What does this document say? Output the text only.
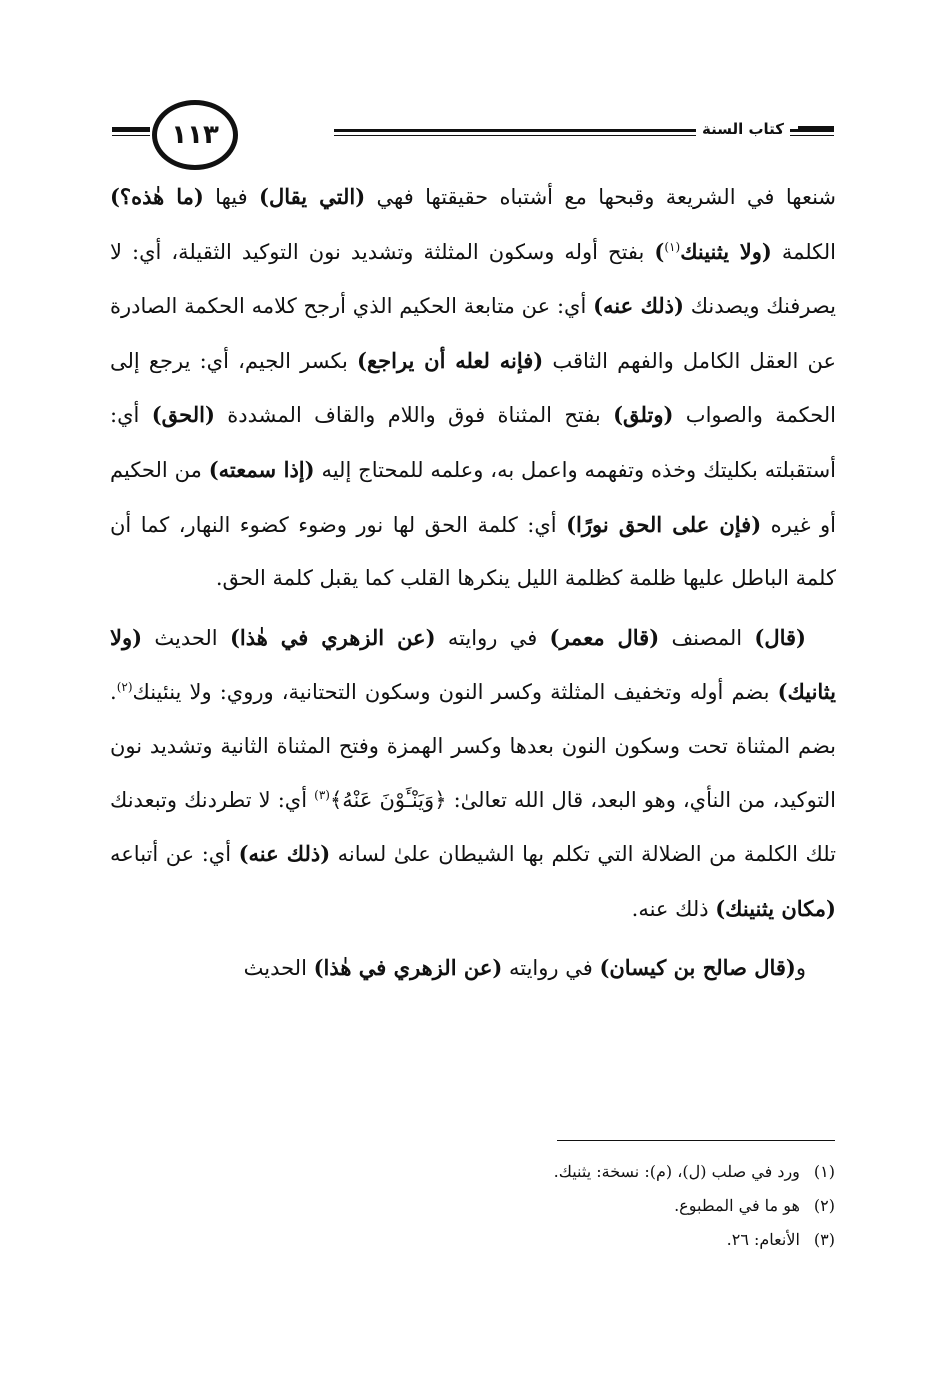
كتاب السنة
١١٣

شنعها في الشريعة وقبحها مع أشتباه حقيقتها فهي (التي يقال) فيها (ما هٰذه؟) الكلمة (ولا يثنينك$^{(١)}$) بفتح أوله وسكون المثلثة وتشديد نون التوكيد الثقيلة، أي: لا يصرفنك ويصدنك (ذلك عنه) أي: عن متابعة الحكيم الذي أرجح كلامه الحكمة الصادرة عن العقل الكامل والفهم الثاقب (فإنه لعله أن يراجع) بكسر الجيم، أي: يرجع إلى الحكمة والصواب (وتلق) بفتح المثناة فوق واللام والقاف المشددة (الحق) أي: أستقبلته بكليتك وخذه وتفهمه واعمل به، وعلمه للمحتاج إليه (إذا سمعته) من الحكيم أو غيره (فإن على الحق نورًا) أي: كلمة الحق لها نور وضوء كضوء النهار، كما أن كلمة الباطل عليها ظلمة كظلمة الليل ينكرها القلب كما يقبل كلمة الحق.

(قال) المصنف (قال معمر) في روايته (عن الزهري في هٰذا) الحديث (ولا يثانيك) بضم أوله وتخفيف المثلثة وكسر النون وسكون التحتانية، وروي: ولا ينئينك$^{(٢)}$. بضم المثناة تحت وسكون النون بعدها وكسر الهمزة وفتح المثناة الثانية وتشديد نون التوكيد، من النأي، وهو البعد، قال الله تعالىٰ: ﴿وَيَنْـَٔوْنَ عَنْهُ﴾$^{(٣)}$ أي: لا تطردنك وتبعدنك تلك الكلمة من الضلالة التي تكلم بها الشيطان علىٰ لسانه (ذلك عنه) أي: عن أتباعه (مكان يثنينك) ذلك عنه.

و(قال صالح بن كيسان) في روايته (عن الزهري في هٰذا) الحديث

(١)ورد في صلب (ل)، (م): نسخة: يثنيك.
(٢)هو ما في المطبوع.
(٣)الأنعام: ٢٦.
